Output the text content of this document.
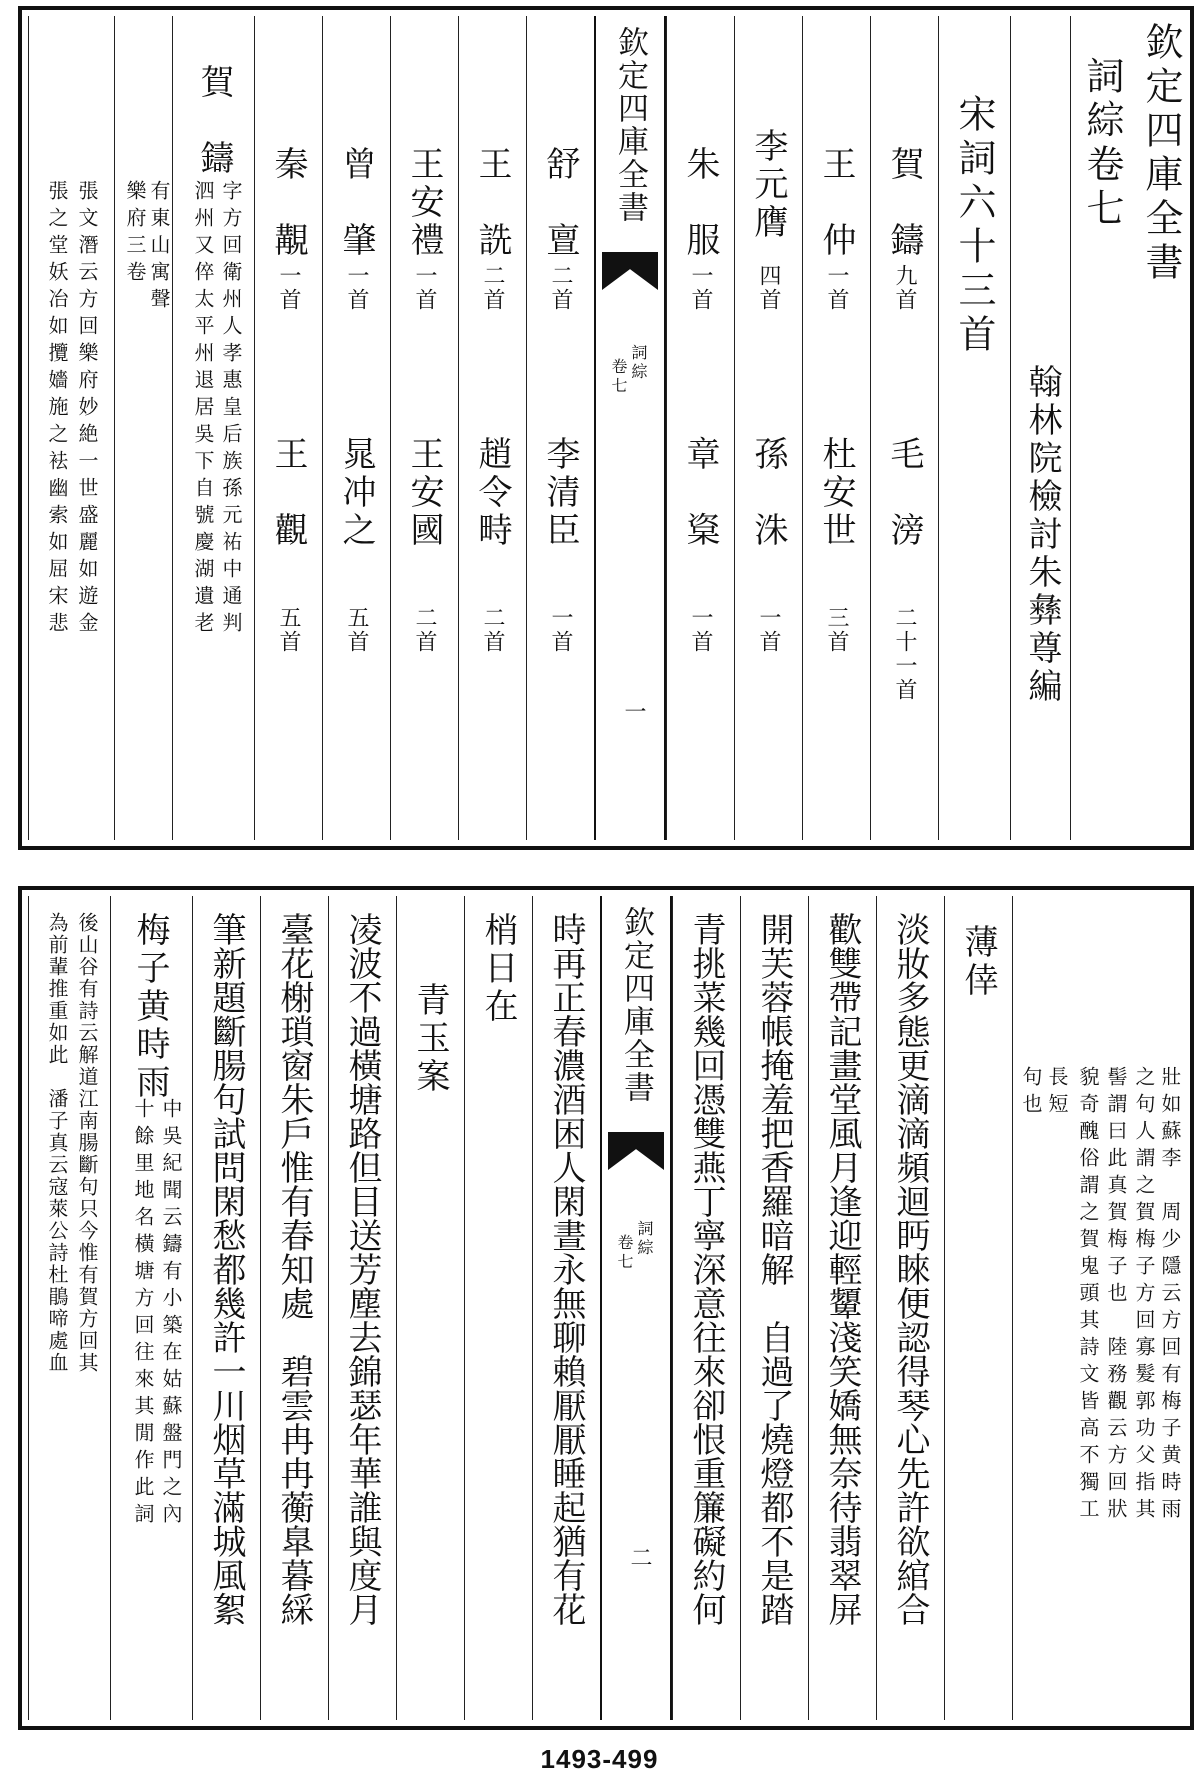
欽定四庫全書
詞綜卷七
翰林院檢討朱彝尊編
宋詞六十三首
賀　鑄
九首
毛　滂
二十一首
王　仲
一首
杜安世
三首
李元膺
四首
孫　洙
一首
朱　服
一首
章　楶
一首
欽定四庫全書
詞綜
卷七
一
舒　亶
二首
李清臣
一首
王　詵
二首
趙令畤
二首
王安禮
一首
王安國
二首
曾　肇
一首
晁冲之
五首
秦　覯
一首
王　觀
五首
賀　鑄
字方回衛州人孝惠皇后族孫元祐中通判
泗州又倅太平州退居吳下自號慶湖遺老
有東山寓聲
樂府三卷
張文潛云方回樂府妙絶一世盛麗如遊金
張之堂妖冶如攬嬙施之袪幽索如屈宋悲
壯如蘇李　周少隱云方回有梅子黄時雨
之句人謂之賀梅子方回寡髮郭功父指其
髻謂曰此真賀梅子也　陸務觀云方回狀
貌奇醜俗謂之賀鬼頭其詩文皆高不獨工
長短
句也
薄倖
淡妝多態更滴滴頻迴眄睞便認得琴心先許欲綰合
歡雙帶記畫堂風月逢迎輕顰淺笑嬌無奈待翡翠屏
開芙蓉帳掩羞把香羅暗解　自過了燒燈都不是踏
青挑菜幾回憑雙燕丁寧深意往來卻恨重簾礙約何
欽定四庫全書
詞綜
卷七
二
時再正春濃酒困人閑晝永無聊賴厭厭睡起猶有花
梢日在
青玉案
凌波不過橫塘路但目送芳塵去錦瑟年華誰與度月
臺花榭瑣窗朱戶惟有春知處　碧雲冉冉蘅臯暮綵
筆新題斷腸句試問閑愁都幾許一川烟草滿城風絮
梅子黄時雨
中吳紀聞云鑄有小築在姑蘇盤門之內
十餘里地名橫塘方回往來其閒作此詞
後山谷有詩云解道江南腸斷句只今惟有賀方回其
為前輩推重如此　潘子真云寇萊公詩杜鵑啼處血
1493-499
